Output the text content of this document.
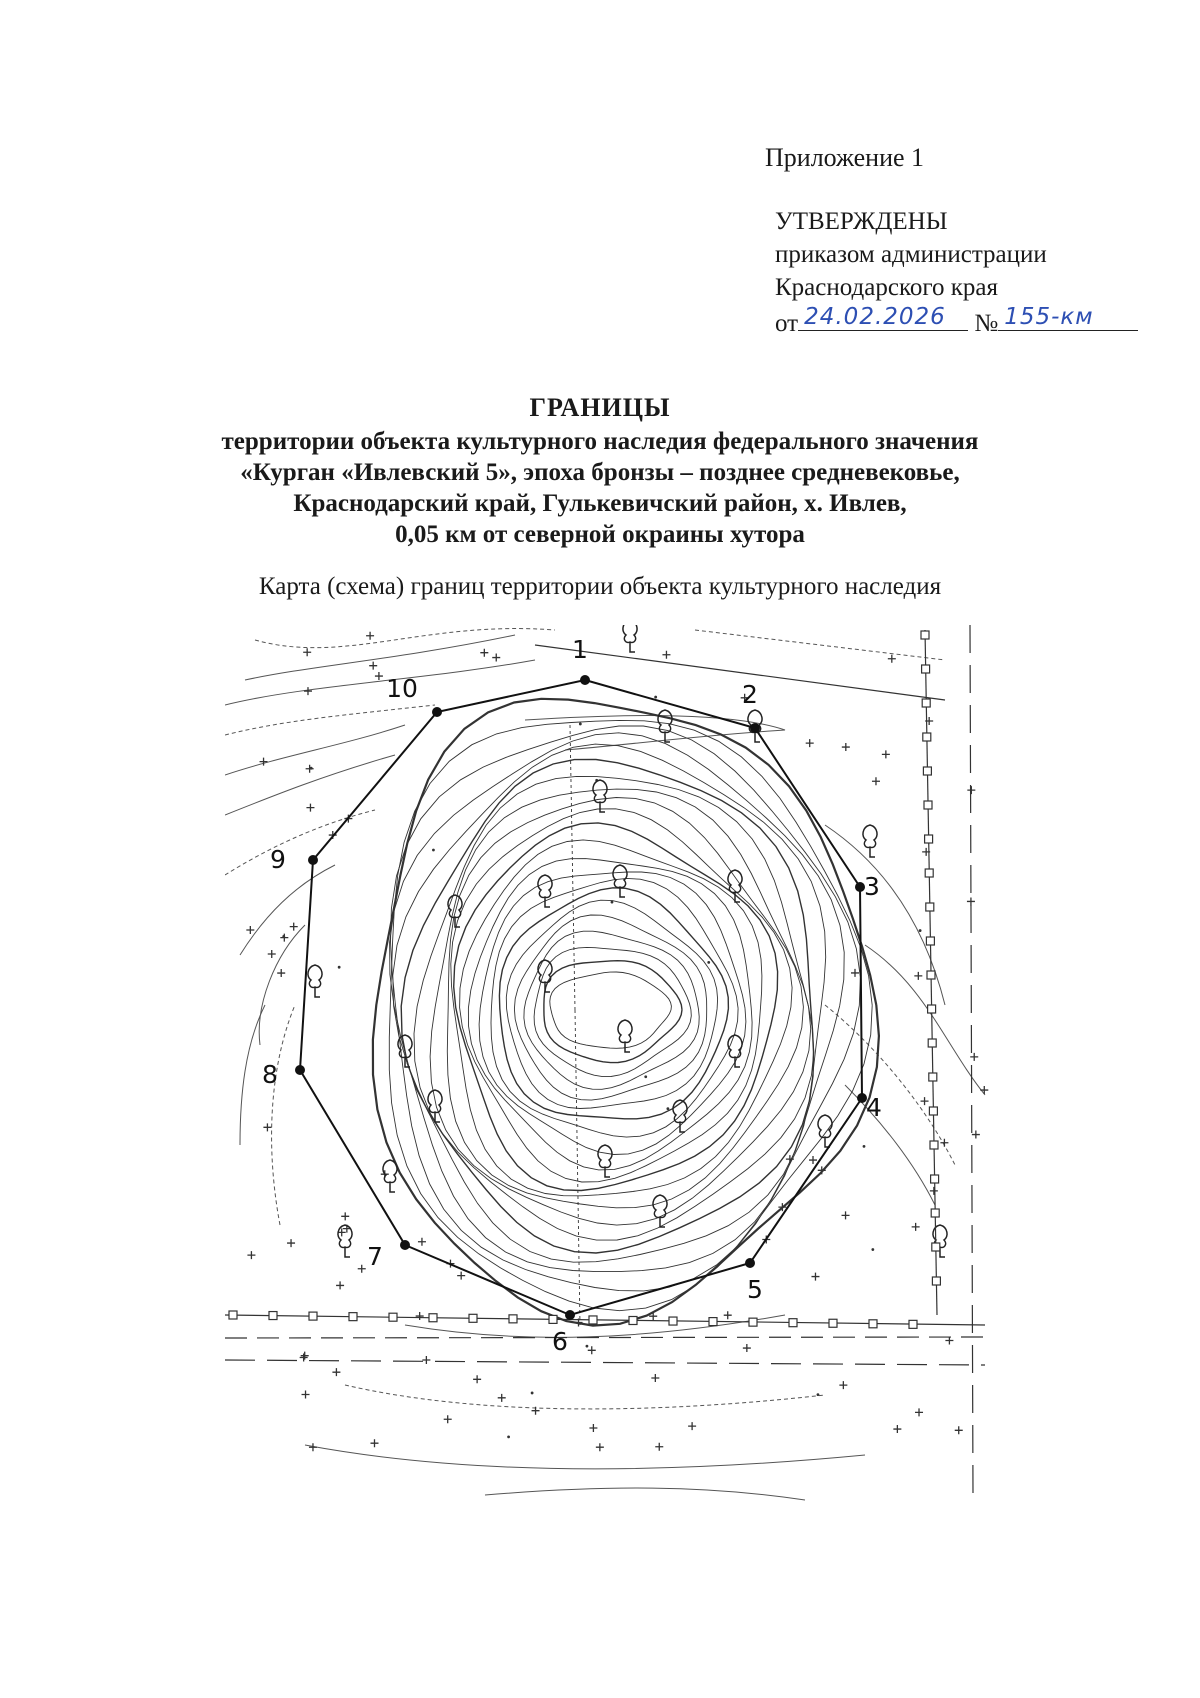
Приложение 1
УТВЕРЖДЕНЫ
приказом администрации
Краснодарского края
от 24.02.2026 № 155-км
ГРАНИЦЫ
территории объекта культурного наследия федерального значения
«Курган «Ивлевский 5», эпоха бронзы – позднее средневековье,
Краснодарский край, Гулькевичский район, х. Ивлев,
0,05 км от северной окраины хутора
Карта (схема) границ территории объекта культурного наследия
1
2
3
4
5
6
7
8
9
10
